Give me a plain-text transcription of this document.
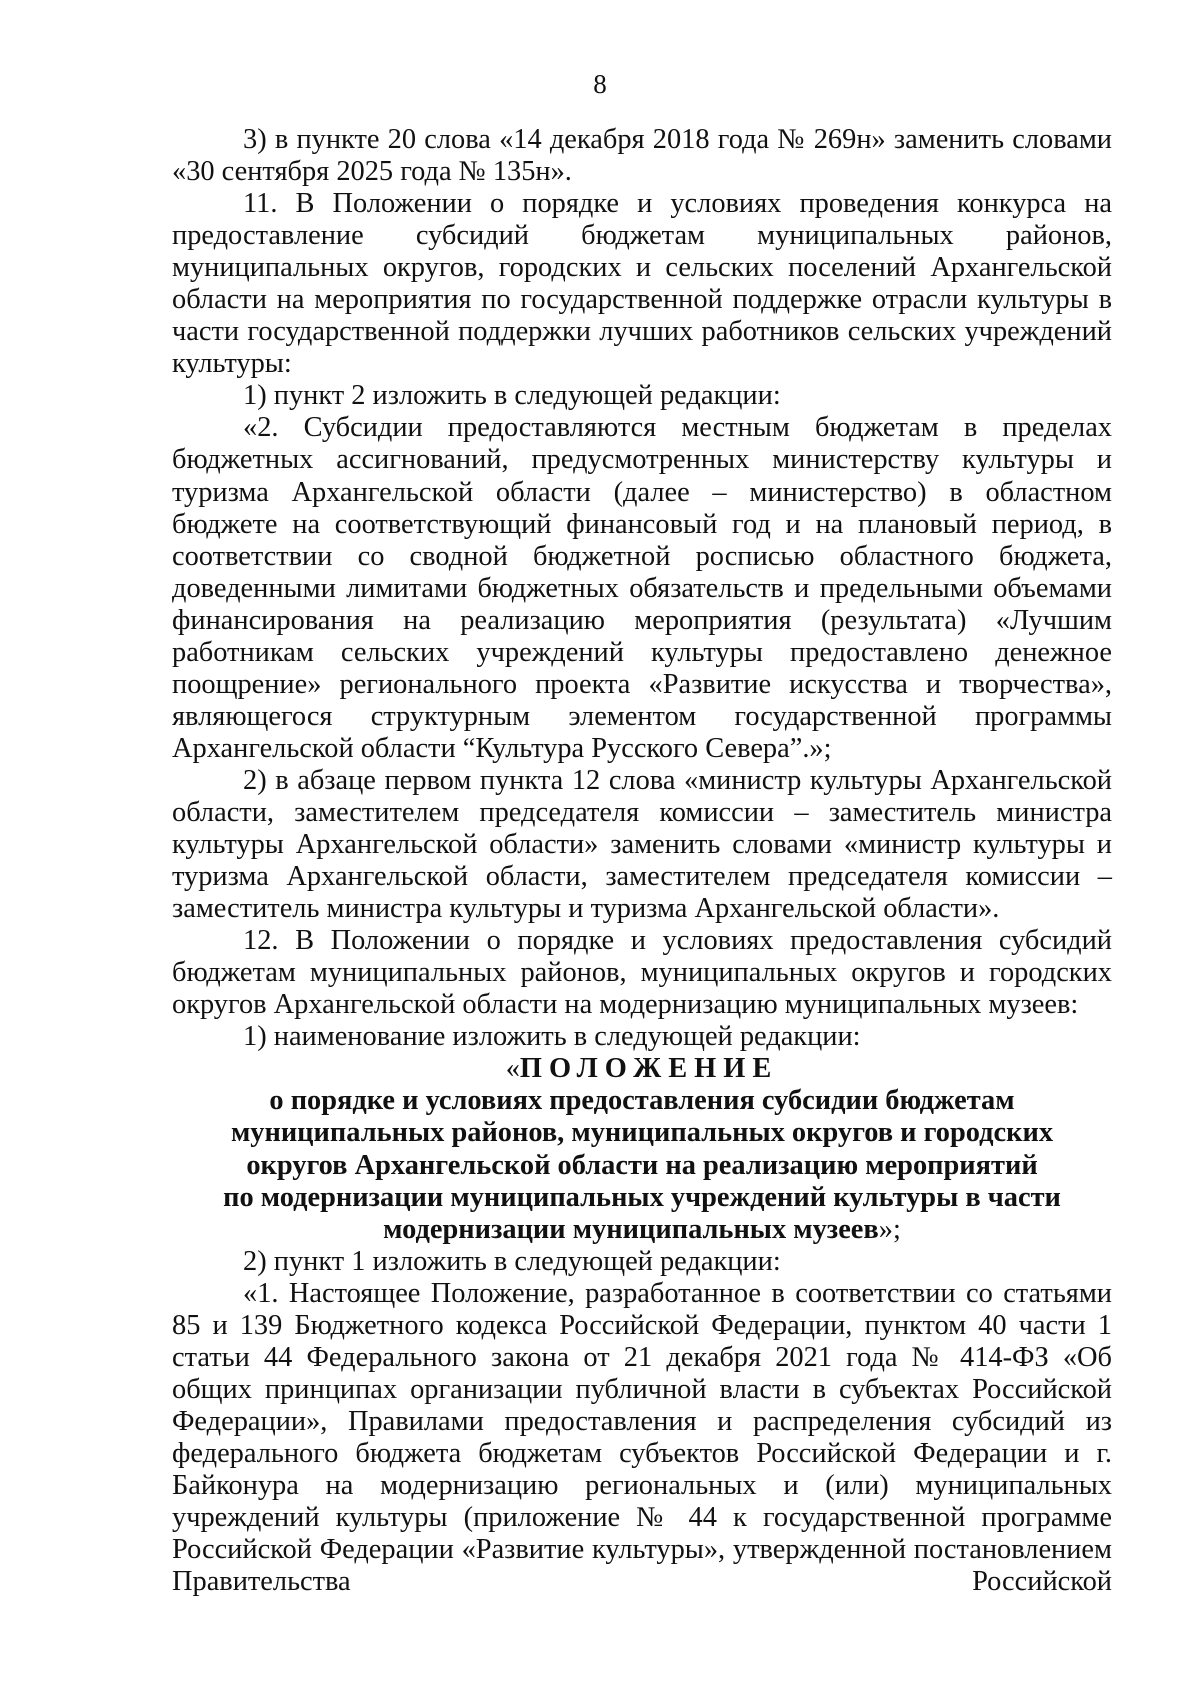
8

3) в пункте 20 слова «14 декабря 2018 года № 269н» заменить словами «30 сентября 2025 года № 135н».

11. В Положении о порядке и условиях проведения конкурса на предоставление субсидий бюджетам муниципальных районов, муниципальных округов, городских и сельских поселений Архангельской области на мероприятия по государственной поддержке отрасли культуры в части государственной поддержки лучших работников сельских учреждений культуры:

1) пункт 2 изложить в следующей редакции:

«2. Субсидии предоставляются местным бюджетам в пределах бюджетных ассигнований, предусмотренных министерству культуры и туризма Архангельской области (далее – министерство) в областном бюджете на соответствующий финансовый год и на плановый период, в соответствии со сводной бюджетной росписью областного бюджета, доведенными лимитами бюджетных обязательств и предельными объемами финансирования на реализацию мероприятия (результата) «Лучшим работникам сельских учреждений культуры предоставлено денежное поощрение» регионального проекта «Развитие искусства и творчества», являющегося структурным элементом государственной программы Архангельской области “Культура Русского Севера”.»;

2) в абзаце первом пункта 12 слова «министр культуры Архангельской области, заместителем председателя комиссии – заместитель министра культуры Архангельской области» заменить словами «министр культуры и туризма Архангельской области, заместителем председателя комиссии – заместитель министра культуры и туризма Архангельской области».

12. В Положении о порядке и условиях предоставления субсидий бюджетам муниципальных районов, муниципальных округов и городских округов Архангельской области на модернизацию муниципальных музеев:

1) наименование изложить в следующей редакции:

«ПОЛОЖЕНИЕ
о порядке и условиях предоставления субсидии бюджетам
муниципальных районов, муниципальных округов и городских
округов Архангельской области на реализацию мероприятий
по модернизации муниципальных учреждений культуры в части
модернизации муниципальных музеев»;

2) пункт 1 изложить в следующей редакции:

«1. Настоящее Положение, разработанное в соответствии со статьями 85 и 139 Бюджетного кодекса Российской Федерации, пунктом 40 части 1 статьи 44 Федерального закона от 21 декабря 2021 года № 414-ФЗ «Об общих принципах организации публичной власти в субъектах Российской Федерации», Правилами предоставления и распределения субсидий из федерального бюджета бюджетам субъектов Российской Федерации и г. Байконура на модернизацию региональных и (или) муниципальных учреждений культуры (приложение № 44 к государственной программе Российской Федерации «Развитие культуры», утвержденной постановлением Правительства Российской
